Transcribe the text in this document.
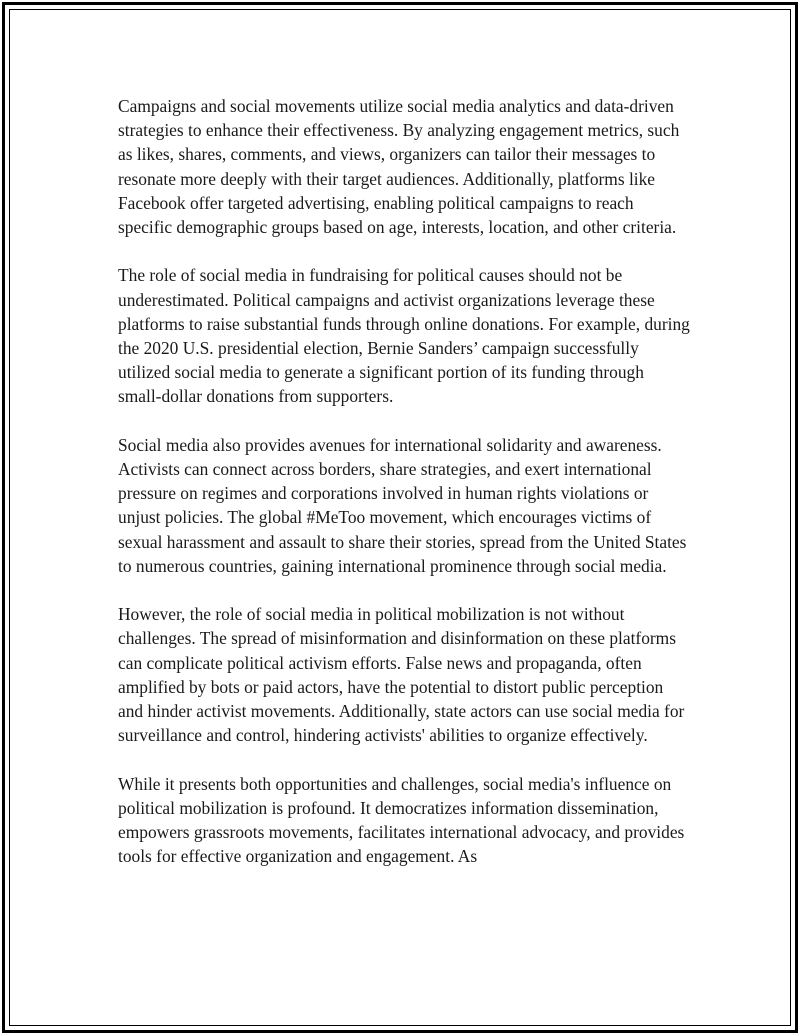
Campaigns and social movements utilize social media analytics and data-driven strategies to enhance their effectiveness. By analyzing engagement metrics, such as likes, shares, comments, and views, organizers can tailor their messages to resonate more deeply with their target audiences. Additionally, platforms like Facebook offer targeted advertising, enabling political campaigns to reach specific demographic groups based on age, interests, location, and other criteria.

The role of social media in fundraising for political causes should not be underestimated. Political campaigns and activist organizations leverage these platforms to raise substantial funds through online donations. For example, during the 2020 U.S. presidential election, Bernie Sanders’ campaign successfully utilized social media to generate a significant portion of its funding through small-dollar donations from supporters.

Social media also provides avenues for international solidarity and awareness. Activists can connect across borders, share strategies, and exert international pressure on regimes and corporations involved in human rights violations or unjust policies. The global #MeToo movement, which encourages victims of sexual harassment and assault to share their stories, spread from the United States to numerous countries, gaining international prominence through social media.

However, the role of social media in political mobilization is not without challenges. The spread of misinformation and disinformation on these platforms can complicate political activism efforts. False news and propaganda, often amplified by bots or paid actors, have the potential to distort public perception and hinder activist movements. Additionally, state actors can use social media for surveillance and control, hindering activists' abilities to organize effectively.

While it presents both opportunities and challenges, social media's influence on political mobilization is profound. It democratizes information dissemination, empowers grassroots movements, facilitates international advocacy, and provides tools for effective organization and engagement. As
